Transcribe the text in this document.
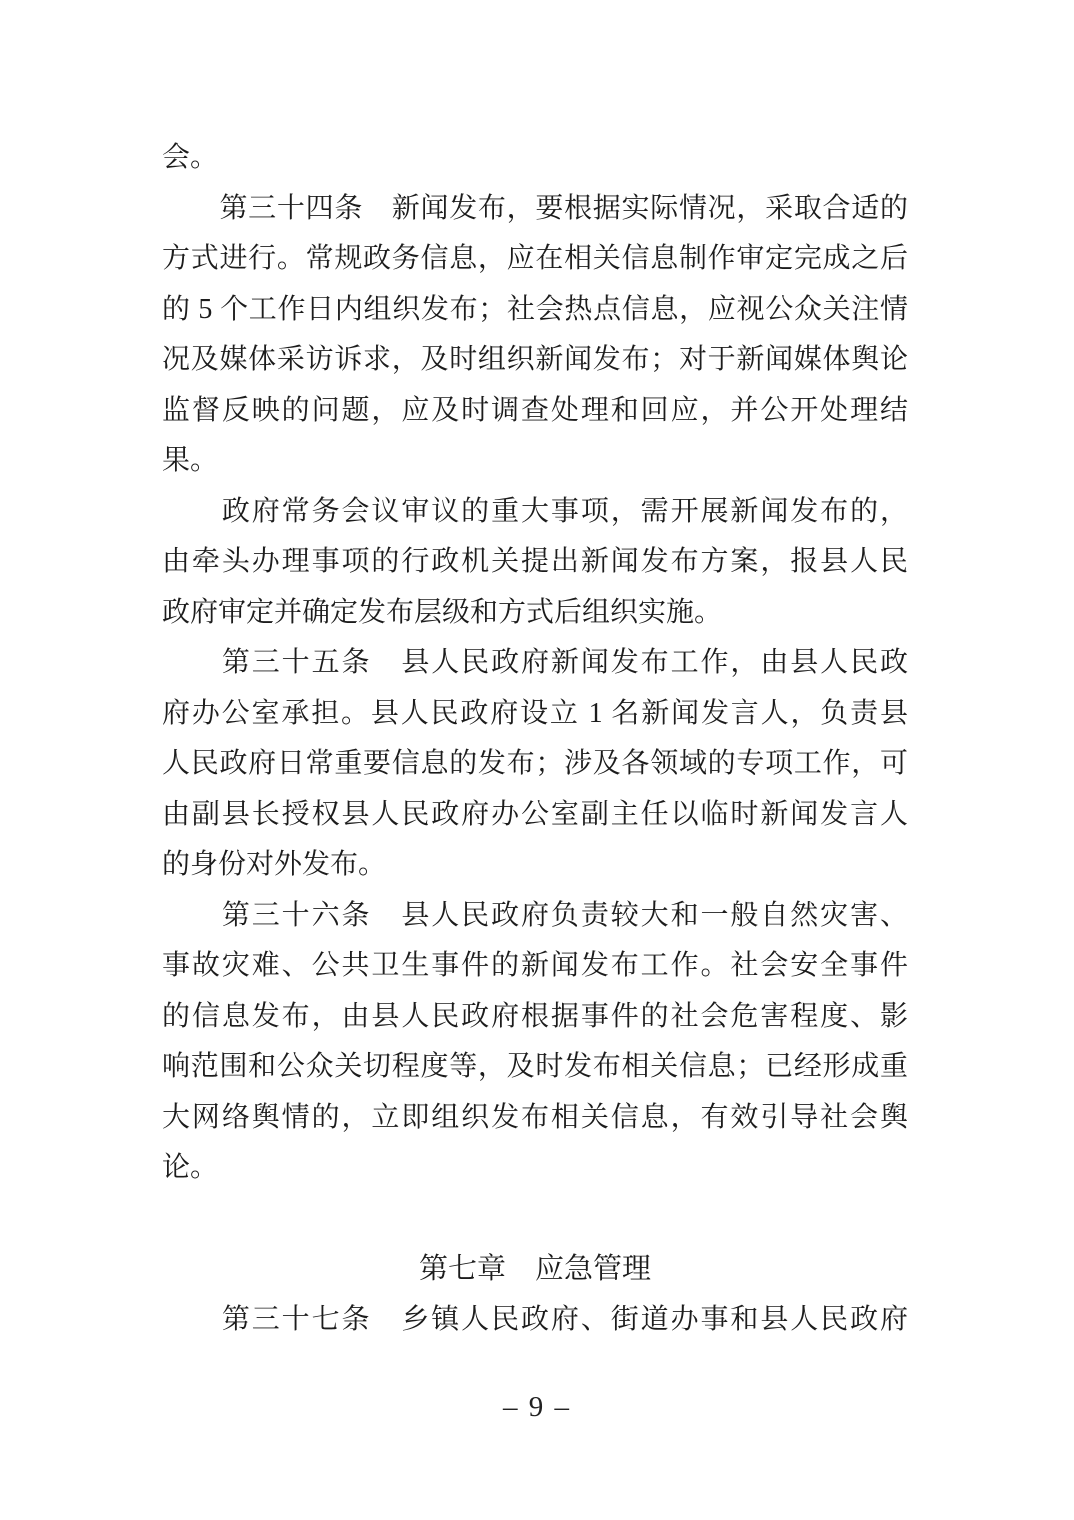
会。
　　第三十四条　新闻发布，要根据实际情况，采取合适的
方式进行。常规政务信息，应在相关信息制作审定完成之后
的 5 个工作日内组织发布；社会热点信息，应视公众关注情
况及媒体采访诉求，及时组织新闻发布；对于新闻媒体舆论
监督反映的问题，应及时调查处理和回应，并公开处理结
果。
　　政府常务会议审议的重大事项，需开展新闻发布的，
由牵头办理事项的行政机关提出新闻发布方案，报县人民
政府审定并确定发布层级和方式后组织实施。
　　第三十五条　县人民政府新闻发布工作，由县人民政
府办公室承担。县人民政府设立 1 名新闻发言人，负责县
人民政府日常重要信息的发布；涉及各领域的专项工作，可
由副县长授权县人民政府办公室副主任以临时新闻发言人
的身份对外发布。
　　第三十六条　县人民政府负责较大和一般自然灾害、
事故灾难、公共卫生事件的新闻发布工作。社会安全事件
的信息发布，由县人民政府根据事件的社会危害程度、影
响范围和公众关切程度等，及时发布相关信息；已经形成重
大网络舆情的，立即组织发布相关信息，有效引导社会舆
论。
第七章　应急管理
　　第三十七条　乡镇人民政府、街道办事和县人民政府
– 9 –
